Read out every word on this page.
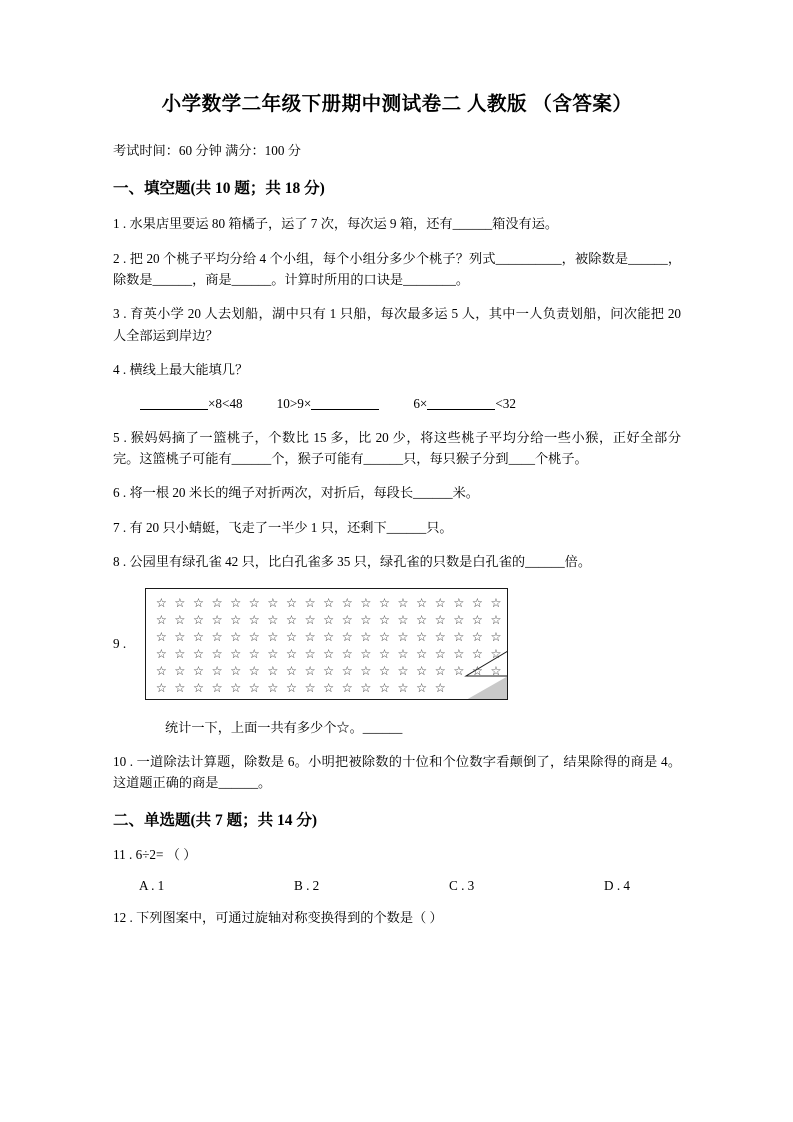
小学数学二年级下册期中测试卷二 人教版 （含答案）
考试时间：60 分钟 满分：100 分
一、填空题(共 10 题；共 18 分)
1 . 水果店里要运 80 箱橘子，运了 7 次，每次运 9 箱，还有______箱没有运。
2 . 把 20 个桃子平均分给 4 个小组，每个小组分多少个桃子？列式__________，被除数是______，除数是______，商是______。计算时所用的口诀是________。
3 . 育英小学 20 人去划船，湖中只有 1 只船，每次最多运 5 人，其中一人负责划船，问次能把 20 人全部运到岸边？
4 . 横线上最大能填几？
×8<48	10>9×	6×	<32
5 . 猴妈妈摘了一篮桃子，个数比 15 多，比 20 少，将这些桃子平均分给一些小猴，正好全部分完。这篮桃子可能有______个，猴子可能有______只，每只猴子分到____个桃子。
6 . 将一根 20 米长的绳子对折两次，对折后，每段长______米。
7 . 有 20 只小蜻蜓，飞走了一半少 1 只，还剩下______只。
8 . 公园里有绿孔雀 42 只，比白孔雀多 35 只，绿孔雀的只数是白孔雀的______倍。
9 .
☆ ☆ ☆ ☆ ☆ ☆ ☆ ☆ ☆ ☆ ☆ ☆ ☆ ☆ ☆ ☆ ☆ ☆ ☆
☆ ☆ ☆ ☆ ☆ ☆ ☆ ☆ ☆ ☆ ☆ ☆ ☆ ☆ ☆ ☆ ☆ ☆ ☆
☆ ☆ ☆ ☆ ☆ ☆ ☆ ☆ ☆ ☆ ☆ ☆ ☆ ☆ ☆ ☆ ☆ ☆ ☆
☆ ☆ ☆ ☆ ☆ ☆ ☆ ☆ ☆ ☆ ☆ ☆ ☆ ☆ ☆ ☆ ☆ ☆ ☆
☆ ☆ ☆ ☆ ☆ ☆ ☆ ☆ ☆ ☆ ☆ ☆ ☆ ☆ ☆ ☆ ☆ ☆ ☆
☆ ☆ ☆ ☆ ☆ ☆ ☆ ☆ ☆ ☆ ☆ ☆ ☆ ☆ ☆ ☆
统计一下，上面一共有多少个☆。______
10 . 一道除法计算题，除数是 6。小明把被除数的十位和个位数字看颠倒了，结果除得的商是 4。这道题正确的商是______。
二、单选题(共 7 题；共 14 分)
11 . 6÷2= （ ）
A . 1	B . 2	C . 3	D . 4
12 . 下列图案中，可通过旋轴对称变换得到的个数是（ ）
